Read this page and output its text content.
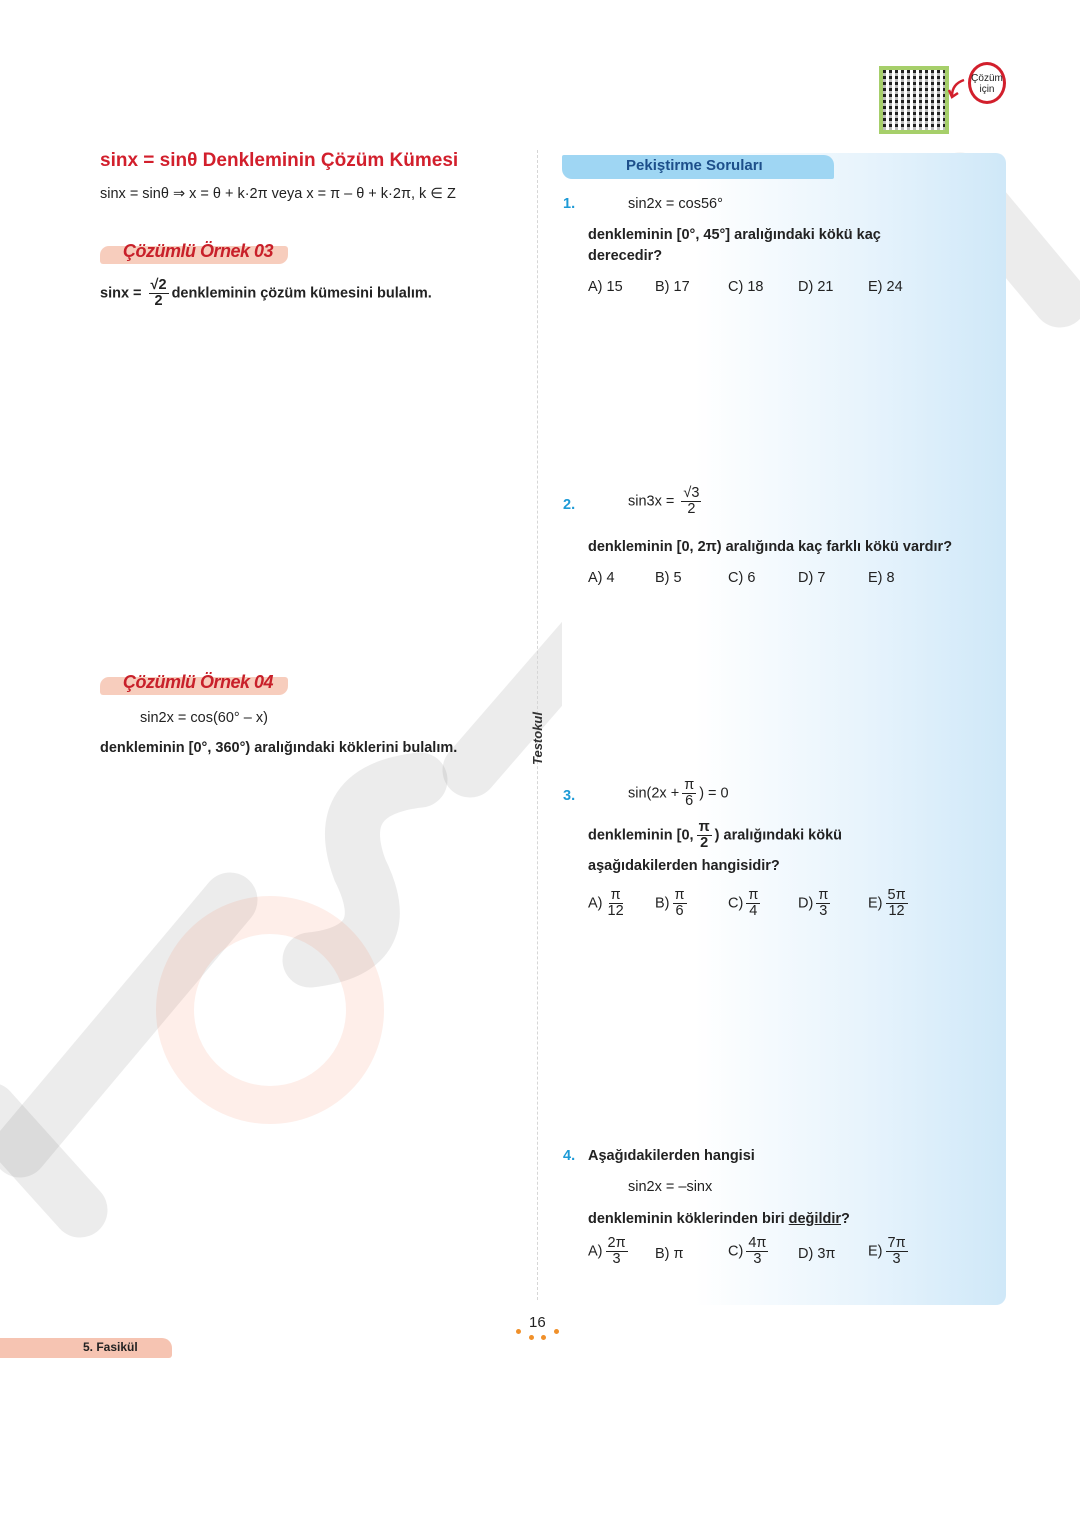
Çözüm
için
sinx = sinθ Denkleminin Çözüm Kümesi
sinx = sinθ ⇒ x = θ + k·2π veya x = π – θ + k·2π, k ∈ Z
Çözümlü Örnek 03
$\sin x = \frac{√2}{2}$ denkleminin çözüm kümesini bulalım.
Çözümlü Örnek 04
sin2x = cos(60° – x)
denkleminin [0°, 360°) aralığındaki köklerini bulalım.
Pekiştirme Soruları
1.	sin2x = cos56°
denkleminin [0°, 45°] aralığındaki kökü kaç
derecedir?
A) 15 B) 17	C) 18 D) 21 E) 24
2.	$\sin 3x = \frac{√3}{2}$
denkleminin [0, 2π) aralığında kaç farklı kökü vardır?
A) 4	B) 5	C) 6	D) 7	E) 8
3.	$\sin(2x + \frac{\pi}{6}$ ) = 0
denkleminin [0, $\frac{\pi}{2}$ ) aralığındaki kökü
aşağıdakilerden hangisidir?
4. Aşağıdakilerden hangisi
sin2x = –sinx
denkleminin köklerinden biri değildir?
Testokul
16
5. Fasikül
$A) \frac{\pi}{12} B) \frac{\pi}{6}$	$C) \frac{\pi}{4}$	$D) \frac{\pi}{3}$	$E) \frac{5\pi}{12}$
$A) \frac{2\pi}{3} B$) π	$C) \frac{4\pi}{3} D$) 3π $E) \frac{7\pi}{3}$
